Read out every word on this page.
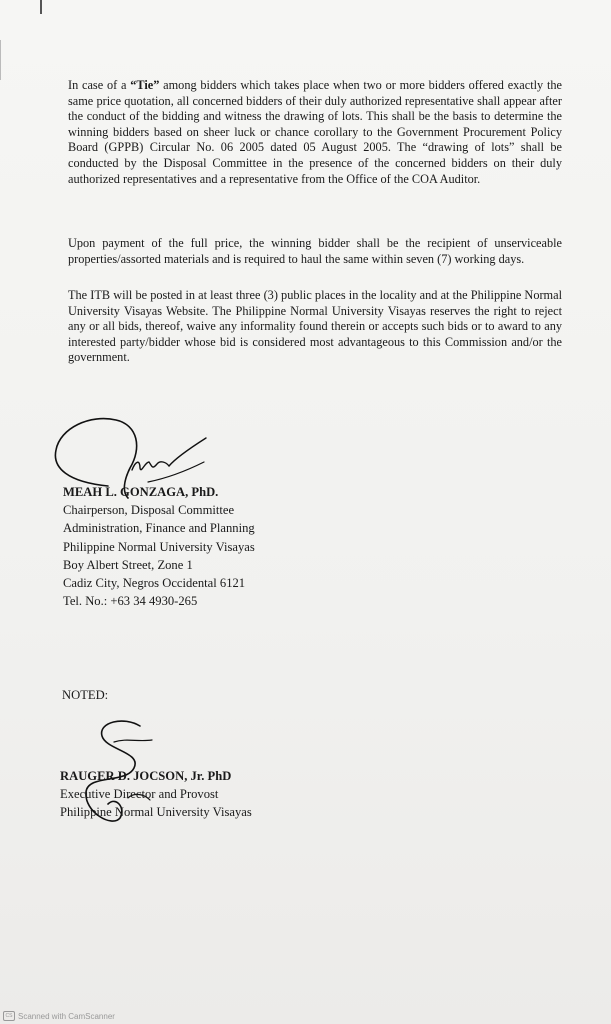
In case of a “Tie” among bidders which takes place when two or more bidders offered exactly the same price quotation, all concerned bidders of their duly authorized representative shall appear after the conduct of the bidding and witness the drawing of lots. This shall be the basis to determine the winning bidders based on sheer luck or chance corollary to the Government Procurement Policy Board (GPPB) Circular No. 06 2005 dated 05 August 2005. The “drawing of lots” shall be conducted by the Disposal Committee in the presence of the concerned bidders on their duly authorized representatives and a representative from the Office of the COA Auditor.

Upon payment of the full price, the winning bidder shall be the recipient of unserviceable properties/assorted materials and is required to haul the same within seven (7) working days.

The ITB will be posted in at least three (3) public places in the locality and at the Philippine Normal University Visayas Website. The Philippine Normal University Visayas reserves the right to reject any or all bids, thereof, waive any informality found therein or accepts such bids or to award to any interested party/bidder whose bid is considered most advantageous to this Commission and/or the government.

MEAH L. GONZAGA, PhD.
Chairperson, Disposal Committee
Administration, Finance and Planning
Philippine Normal University Visayas
Boy Albert Street, Zone 1
Cadiz City, Negros Occidental 6121
Tel. No.: +63 34 4930-265
NOTED:
RAUGER D. JOCSON, Jr. PhD
Executive Director and Provost
Philippine Normal University Visayas
CS Scanned with CamScanner
